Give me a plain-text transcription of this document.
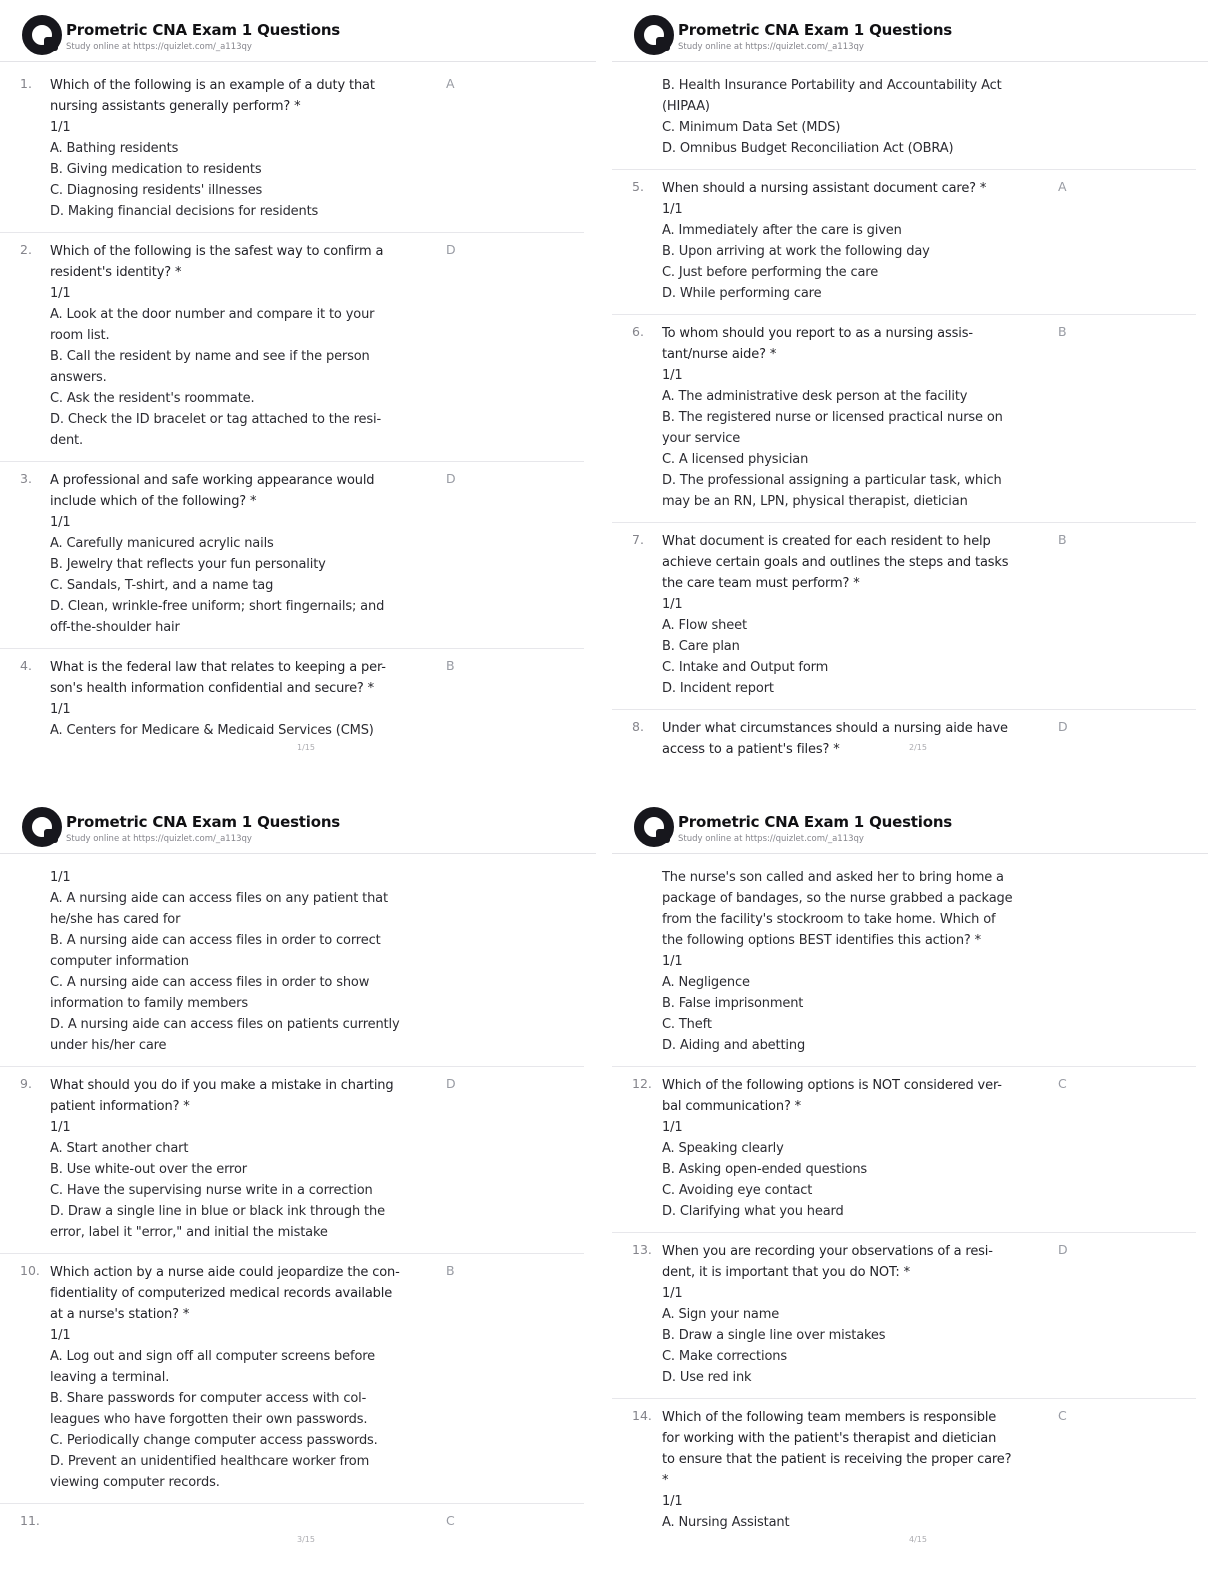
Prometric CNA Exam 1 Questions
Study online at https://quizlet.com/_a113qy
1. Which of the following is an example of a duty that
nursing assistants generally perform? *
1/1
A. Bathing residents
B. Giving medication to residents
C. Diagnosing residents' illnesses
D. Making financial decisions for residents
A
2. Which of the following is the safest way to confirm a
resident's identity? *
1/1
A. Look at the door number and compare it to your
room list.
B. Call the resident by name and see if the person
answers.
C. Ask the resident's roommate.
D. Check the ID bracelet or tag attached to the resi-
dent.
D
3. A professional and safe working appearance would
include which of the following? *
1/1
A. Carefully manicured acrylic nails
B. Jewelry that reflects your fun personality
C. Sandals, T-shirt, and a name tag
D. Clean, wrinkle-free uniform; short fingernails; and
off-the-shoulder hair
D
4. What is the federal law that relates to keeping a per-
son's health information confidential and secure? *
1/1
A. Centers for Medicare & Medicaid Services (CMS)
B
1/15
Prometric CNA Exam 1 Questions
Study online at https://quizlet.com/_a113qy
B. Health Insurance Portability and Accountability Act
(HIPAA)
C. Minimum Data Set (MDS)
D. Omnibus Budget Reconciliation Act (OBRA)
5. When should a nursing assistant document care? *
1/1
A. Immediately after the care is given
B. Upon arriving at work the following day
C. Just before performing the care
D. While performing care
A
6. To whom should you report to as a nursing assis-
tant/nurse aide? *
1/1
A. The administrative desk person at the facility
B. The registered nurse or licensed practical nurse on
your service
C. A licensed physician
D. The professional assigning a particular task, which
may be an RN, LPN, physical therapist, dietician
B
7. What document is created for each resident to help
achieve certain goals and outlines the steps and tasks
the care team must perform? *
1/1
A. Flow sheet
B. Care plan
C. Intake and Output form
D. Incident report
B
8. Under what circumstances should a nursing aide have
access to a patient's files? *
D
2/15
Prometric CNA Exam 1 Questions
Study online at https://quizlet.com/_a113qy
1/1
A. A nursing aide can access files on any patient that
he/she has cared for
B. A nursing aide can access files in order to correct
computer information
C. A nursing aide can access files in order to show
information to family members
D. A nursing aide can access files on patients currently
under his/her care
9. What should you do if you make a mistake in charting
patient information? *
1/1
A. Start another chart
B. Use white-out over the error
C. Have the supervising nurse write in a correction
D. Draw a single line in blue or black ink through the
error, label it "error," and initial the mistake
D
10. Which action by a nurse aide could jeopardize the con-
fidentiality of computerized medical records available
at a nurse's station? *
1/1
A. Log out and sign off all computer screens before
leaving a terminal.
B. Share passwords for computer access with col-
leagues who have forgotten their own passwords.
C. Periodically change computer access passwords.
D. Prevent an unidentified healthcare worker from
viewing computer records.
B
11.	C
3/15
Prometric CNA Exam 1 Questions
Study online at https://quizlet.com/_a113qy
The nurse's son called and asked her to bring home a
package of bandages, so the nurse grabbed a package
from the facility's stockroom to take home. Which of
the following options BEST identifies this action? *
1/1
A. Negligence
B. False imprisonment
C. Theft
D. Aiding and abetting
12. Which of the following options is NOT considered ver-
bal communication? *
1/1
A. Speaking clearly
B. Asking open-ended questions
C. Avoiding eye contact
D. Clarifying what you heard
C
13. When you are recording your observations of a resi-
dent, it is important that you do NOT: *
1/1
A. Sign your name
B. Draw a single line over mistakes
C. Make corrections
D. Use red ink
D
14. Which of the following team members is responsible
for working with the patient's therapist and dietician
to ensure that the patient is receiving the proper care?
*
1/1
A. Nursing Assistant
C
4/15
